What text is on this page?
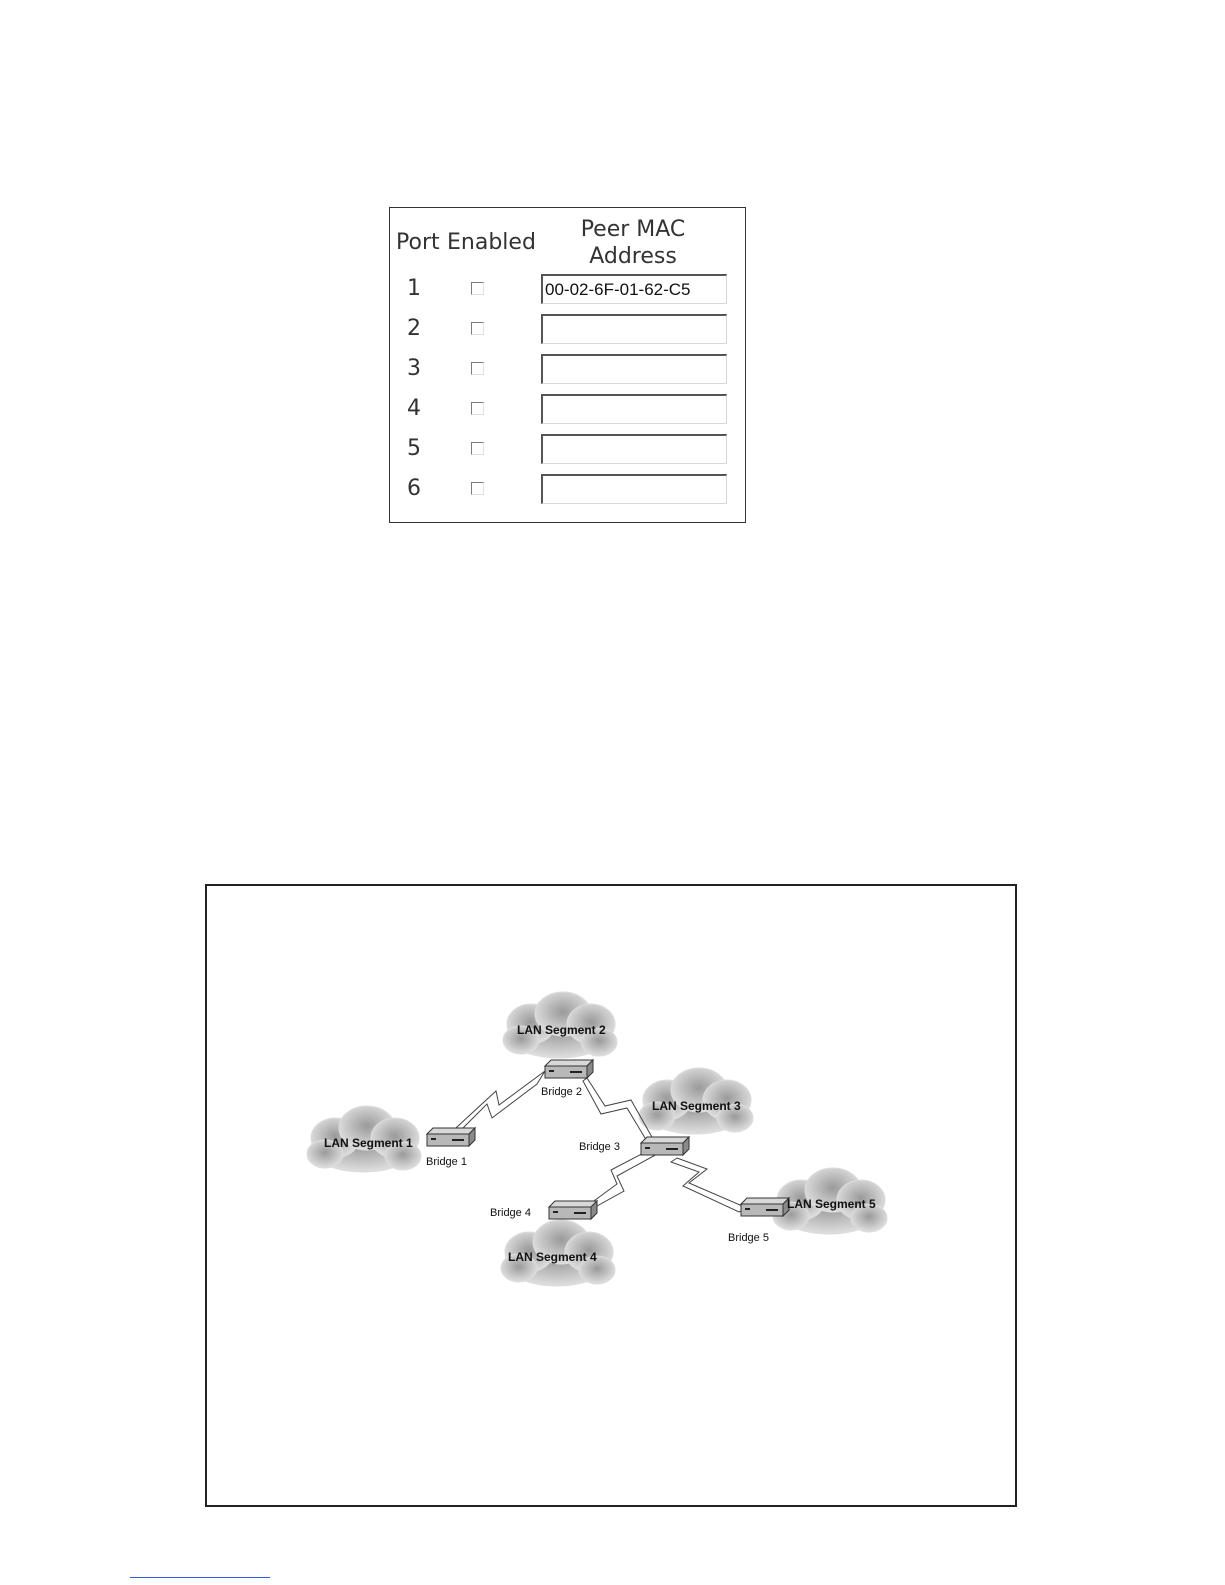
Port Enabled
Peer MAC
Address
1
00-02-6F-01-62-C5
2
3
4
5
6
LAN Segment 2
LAN Segment 1
LAN Segment 3
LAN Segment 4
LAN Segment 5
Bridge 2
Bridge 1
Bridge 3
Bridge 4
Bridge 5
